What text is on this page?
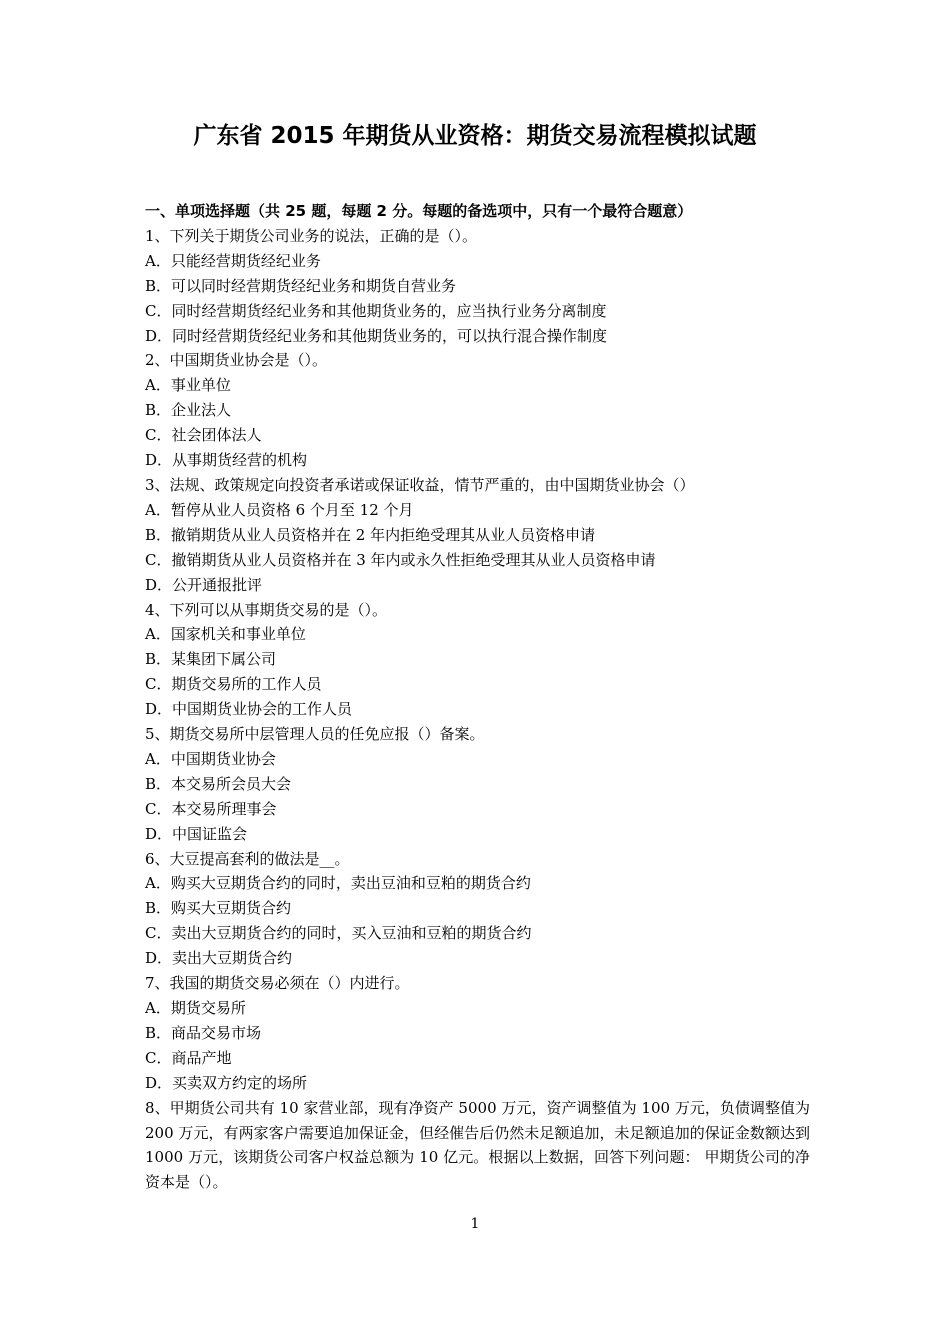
广东省 2015 年期货从业资格：期货交易流程模拟试题
一、单项选择题（共 25 题，每题 2 分。每题的备选项中，只有一个最符合题意）
1、下列关于期货公司业务的说法，正确的是（）。
A．只能经营期货经纪业务
B．可以同时经营期货经纪业务和期货自营业务
C．同时经营期货经纪业务和其他期货业务的，应当执行业务分离制度
D．同时经营期货经纪业务和其他期货业务的，可以执行混合操作制度
2、中国期货业协会是（）。
A．事业单位
B．企业法人
C．社会团体法人
D．从事期货经营的机构
3、法规、政策规定向投资者承诺或保证收益，情节严重的，由中国期货业协会（）
A．暂停从业人员资格 6 个月至 12 个月
B．撤销期货从业人员资格并在 2 年内拒绝受理其从业人员资格申请
C．撤销期货从业人员资格并在 3 年内或永久性拒绝受理其从业人员资格申请
D．公开通报批评
4、下列可以从事期货交易的是（）。
A．国家机关和事业单位
B．某集团下属公司
C．期货交易所的工作人员
D．中国期货业协会的工作人员
5、期货交易所中层管理人员的任免应报（）备案。
A．中国期货业协会
B．本交易所会员大会
C．本交易所理事会
D．中国证监会
6、大豆提高套利的做法是__。
A．购买大豆期货合约的同时，卖出豆油和豆粕的期货合约
B．购买大豆期货合约
C．卖出大豆期货合约的同时，买入豆油和豆粕的期货合约
D．卖出大豆期货合约
7、我国的期货交易必须在（）内进行。
A．期货交易所
B．商品交易市场
C．商品产地
D．买卖双方约定的场所
8、甲期货公司共有 10 家营业部，现有净资产 5000 万元，资产调整值为 100 万元，负债调整值为 200 万元，有两家客户需要追加保证金，但经催告后仍然未足额追加，未足额追加的保证金数额达到 1000 万元，该期货公司客户权益总额为 10 亿元。根据以上数据，回答下列问题： 甲期货公司的净资本是（）。
1
